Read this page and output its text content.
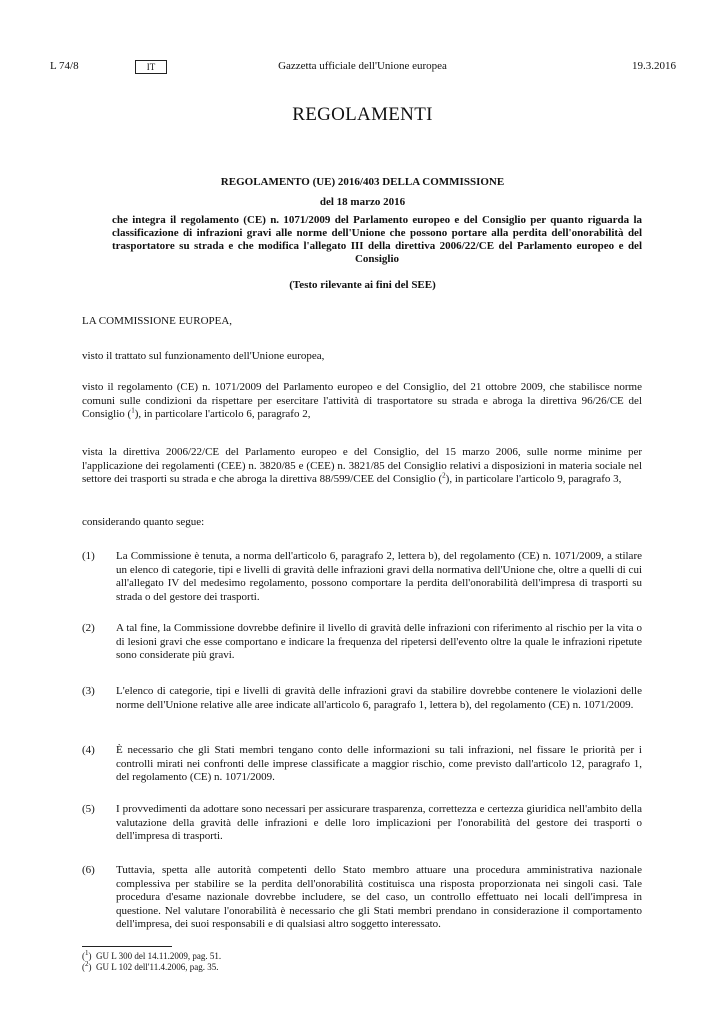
L 74/8	IT	Gazzetta ufficiale dell'Unione europea	19.3.2016
REGOLAMENTI
REGOLAMENTO (UE) 2016/403 DELLA COMMISSIONE
del 18 marzo 2016
che integra il regolamento (CE) n. 1071/2009 del Parlamento europeo e del Consiglio per quanto riguarda la classificazione di infrazioni gravi alle norme dell'Unione che possono portare alla perdita dell'onorabilità del trasportatore su strada e che modifica l'allegato III della direttiva 2006/22/CE del Parlamento europeo e del Consiglio
(Testo rilevante ai fini del SEE)
LA COMMISSIONE EUROPEA,
visto il trattato sul funzionamento dell'Unione europea,
visto il regolamento (CE) n. 1071/2009 del Parlamento europeo e del Consiglio, del 21 ottobre 2009, che stabilisce norme comuni sulle condizioni da rispettare per esercitare l'attività di trasportatore su strada e abroga la direttiva 96/26/CE del Consiglio ($^1$), in particolare l'articolo 6, paragrafo 2,
vista la direttiva 2006/22/CE del Parlamento europeo e del Consiglio, del 15 marzo 2006, sulle norme minime per l'applicazione dei regolamenti (CEE) n. 3820/85 e (CEE) n. 3821/85 del Consiglio relativi a disposizioni in materia sociale nel settore dei trasporti su strada e che abroga la direttiva 88/599/CEE del Consiglio ($^2$), in particolare l'articolo 9, paragrafo 3,
considerando quanto segue:
(1) La Commissione è tenuta, a norma dell'articolo 6, paragrafo 2, lettera b), del regolamento (CE) n. 1071/2009, a stilare un elenco di categorie, tipi e livelli di gravità delle infrazioni gravi della normativa dell'Unione che, oltre a quelli di cui all'allegato IV del medesimo regolamento, possono comportare la perdita dell'onorabilità dell'impresa di trasporti su strada o del gestore dei trasporti.
(2) A tal fine, la Commissione dovrebbe definire il livello di gravità delle infrazioni con riferimento al rischio per la vita o di lesioni gravi che esse comportano e indicare la frequenza del ripetersi dell'evento oltre la quale le infrazioni ripetute sono considerate più gravi.
(3) L'elenco di categorie, tipi e livelli di gravità delle infrazioni gravi da stabilire dovrebbe contenere le violazioni delle norme dell'Unione relative alle aree indicate all'articolo 6, paragrafo 1, lettera b), del regolamento (CE) n. 1071/2009.
(4) È necessario che gli Stati membri tengano conto delle informazioni su tali infrazioni, nel fissare le priorità per i controlli mirati nei confronti delle imprese classificate a maggior rischio, come previsto dall'articolo 12, paragrafo 1, del regolamento (CE) n. 1071/2009.
(5) I provvedimenti da adottare sono necessari per assicurare trasparenza, correttezza e certezza giuridica nell'ambito della valutazione della gravità delle infrazioni e delle loro implicazioni per l'onorabilità del gestore dei trasporti o dell'impresa di trasporti.
(6) Tuttavia, spetta alle autorità competenti dello Stato membro attuare una procedura amministrativa nazionale complessiva per stabilire se la perdita dell'onorabilità costituisca una risposta proporzionata nei singoli casi. Tale procedura d'esame nazionale dovrebbe includere, se del caso, un controllo effettuato nei locali dell'impresa in questione. Nel valutare l'onorabilità è necessario che gli Stati membri prendano in considerazione il comportamento dell'impresa, dei suoi responsabili e di qualsiasi altro soggetto interessato.
($^1$)  GU L 300 del 14.11.2009, pag. 51.
($^2$)  GU L 102 dell'11.4.2006, pag. 35.
